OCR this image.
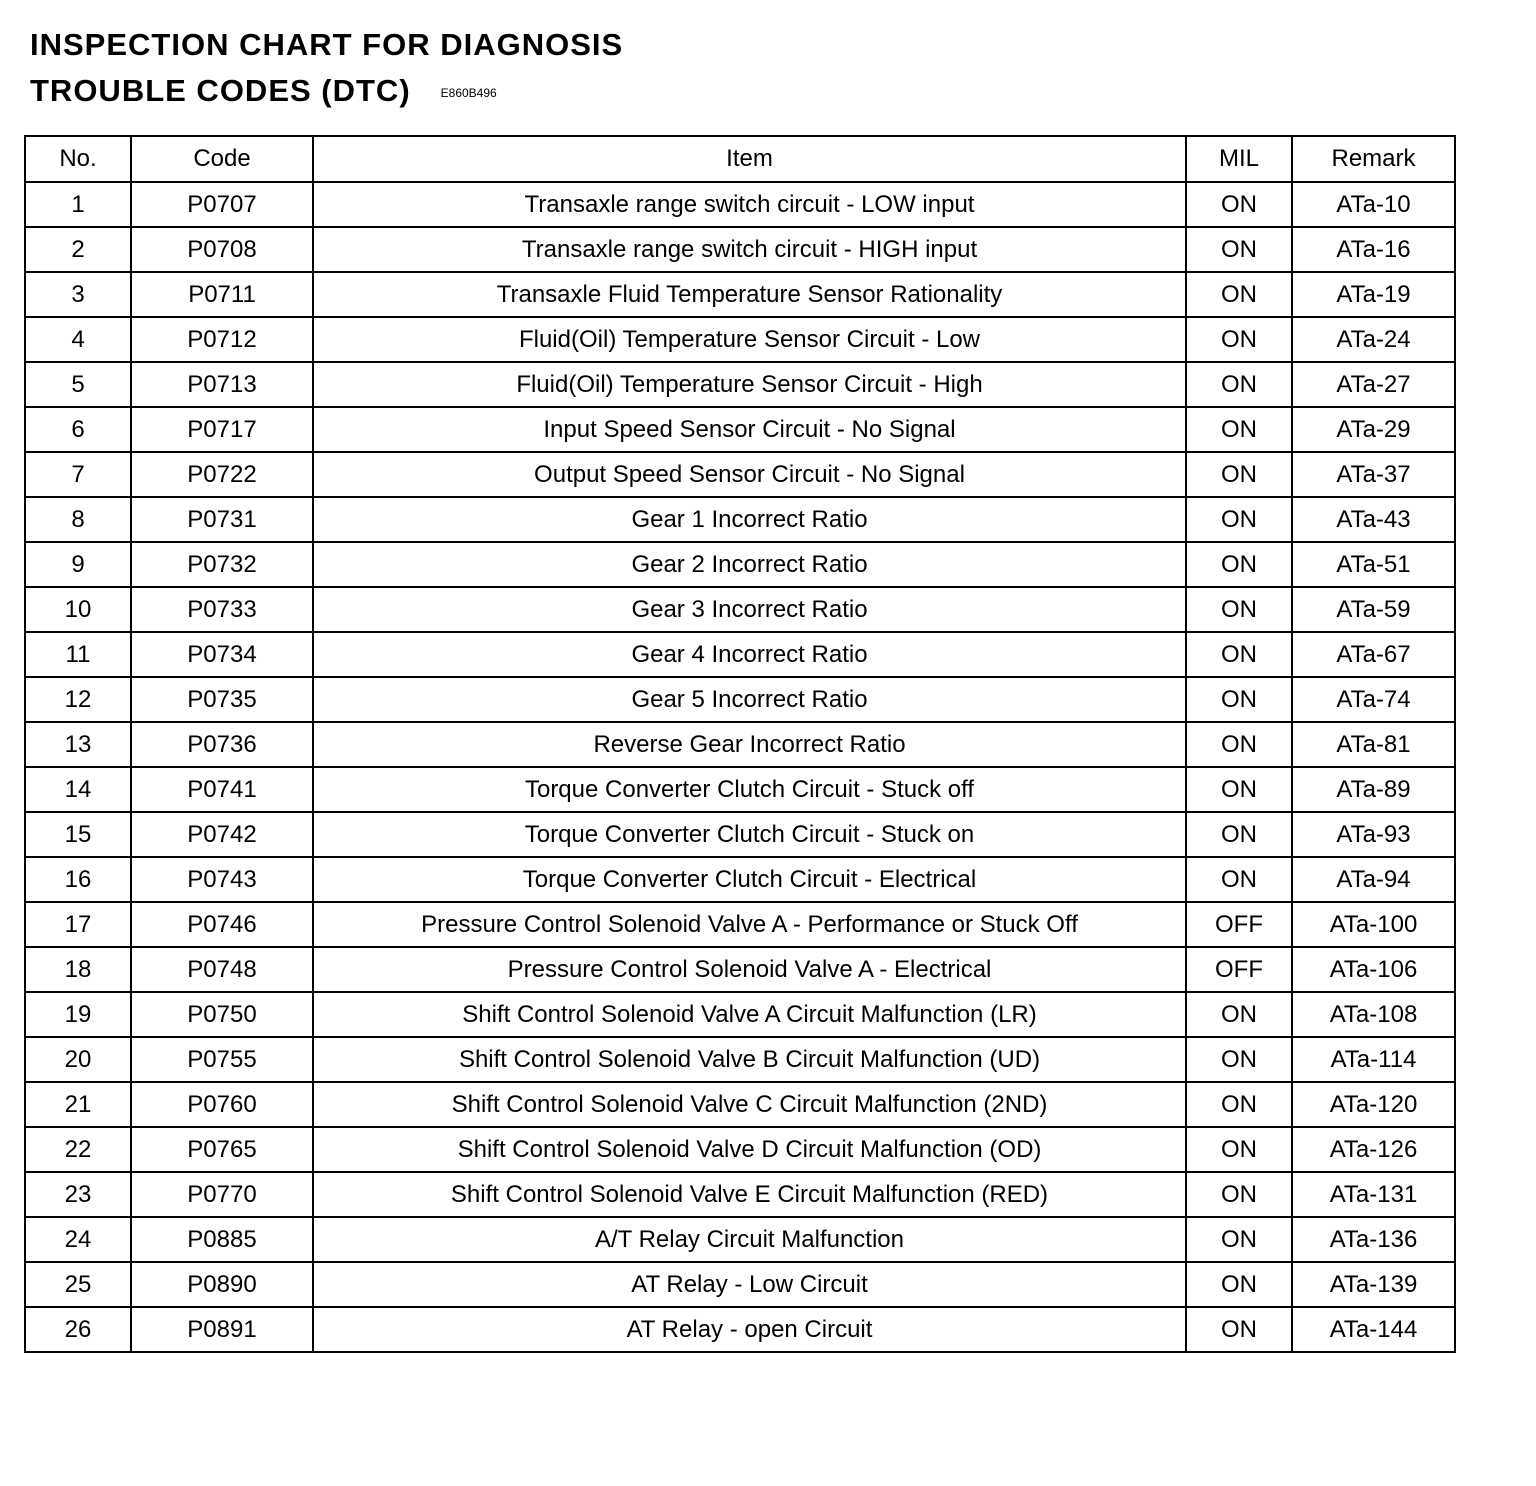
INSPECTION CHART FOR DIAGNOSIS
TROUBLE CODES (DTC)	E860B496
No.	Code	Item	MIL	Remark
1	P0707	Transaxle range switch circuit - LOW input	ON	ATa-10
2	P0708	Transaxle range switch circuit - HIGH input	ON	ATa-16
3	P0711	Transaxle Fluid Temperature Sensor Rationality	ON	ATa-19
4	P0712	Fluid(Oil) Temperature Sensor Circuit - Low	ON	ATa-24
5	P0713	Fluid(Oil) Temperature Sensor Circuit - High	ON	ATa-27
6	P0717	Input Speed Sensor Circuit - No Signal	ON	ATa-29
7	P0722	Output Speed Sensor Circuit - No Signal	ON	ATa-37
8	P0731	Gear 1 Incorrect Ratio	ON	ATa-43
9	P0732	Gear 2 Incorrect Ratio	ON	ATa-51
10	P0733	Gear 3 Incorrect Ratio	ON	ATa-59
11	P0734	Gear 4 Incorrect Ratio	ON	ATa-67
12	P0735	Gear 5 Incorrect Ratio	ON	ATa-74
13	P0736	Reverse Gear Incorrect Ratio	ON	ATa-81
14	P0741	Torque Converter Clutch Circuit - Stuck off	ON	ATa-89
15	P0742	Torque Converter Clutch Circuit - Stuck on	ON	ATa-93
16	P0743	Torque Converter Clutch Circuit - Electrical	ON	ATa-94
17	P0746	Pressure Control Solenoid Valve A - Performance or Stuck Off	OFF	ATa-100
18	P0748	Pressure Control Solenoid Valve A - Electrical	OFF	ATa-106
19	P0750	Shift Control Solenoid Valve A Circuit Malfunction (LR)	ON	ATa-108
20	P0755	Shift Control Solenoid Valve B Circuit Malfunction (UD)	ON	ATa-114
21	P0760	Shift Control Solenoid Valve C Circuit Malfunction (2ND)	ON	ATa-120
22	P0765	Shift Control Solenoid Valve D Circuit Malfunction (OD)	ON	ATa-126
23	P0770	Shift Control Solenoid Valve E Circuit Malfunction (RED)	ON	ATa-131
24	P0885	A/T Relay Circuit Malfunction	ON	ATa-136
25	P0890	AT Relay - Low Circuit	ON	ATa-139
26	P0891	AT Relay - open Circuit	ON	ATa-144
